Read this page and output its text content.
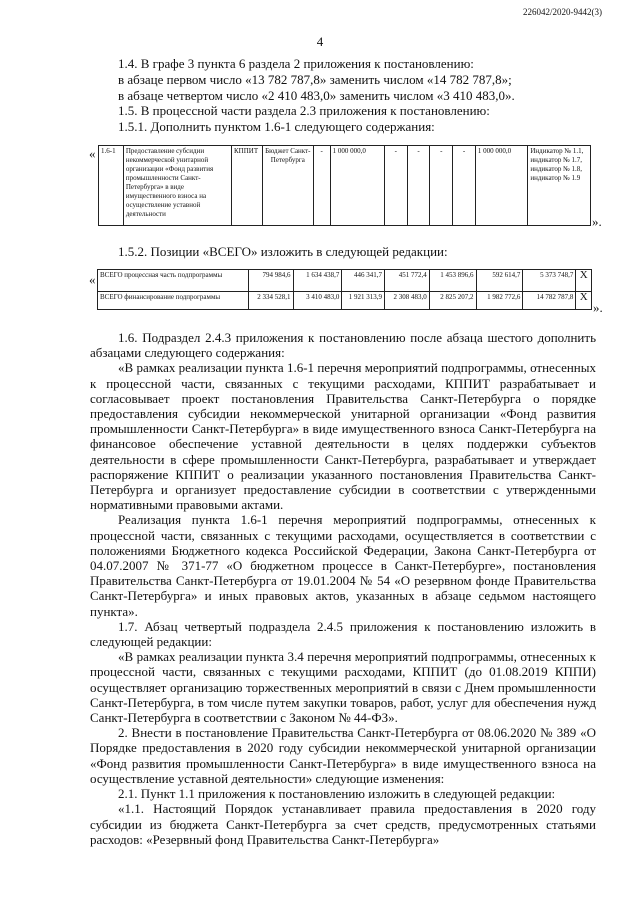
226042/2020-9442(3)
4
1.4. В графе 3 пункта 6 раздела 2 приложения к постановлению:
в абзаце первом число «13 782 787,8» заменить числом «14 782 787,8»;
в абзаце четвертом число «2 410 483,0» заменить числом «3 410 483,0».
1.5. В процессной части раздела 2.3 приложения к постановлению:
1.5.1. Дополнить пунктом 1.6-1 следующего содержания:
« 1.6-1	Предоставление субсидии некоммерческой унитарной организации «Фонд развития промышленности Санкт-Петербурга» в виде имущественного взноса на осуществление уставной деятельности	КППИТ	Бюджет Санкт-Петербурга	-	1 000 000,0	-	-	-	-	1 000 000,0	Индикатор № 1.1, индикатор № 1.7, индикатор № 1.8, индикатор № 1.9
».
1.5.2. Позиции «ВСЕГО» изложить в следующей редакции:
« ВСЕГО процессная часть подпрограммы	794 984,6	1 634 438,7	446 341,7	451 772,4	1 453 896,6	592 614,7	5 373 748,7	Х
ВСЕГО финансирование подпрограммы	2 334 528,1	3 410 483,0	1 921 313,9	2 308 483,0	2 825 207,2	1 982 772,6	14 782 787,8	Х
».

1.6. Подраздел 2.4.3 приложения к постановлению после абзаца шестого дополнить абзацами следующего содержания:

«В рамках реализации пункта 1.6-1 перечня мероприятий подпрограммы, отнесенных к процессной части, связанных с текущими расходами, КППИТ разрабатывает и согласовывает проект постановления Правительства Санкт-Петербурга о порядке предоставления субсидии некоммерческой унитарной организации «Фонд развития промышленности Санкт-Петербурга» в виде имущественного взноса Санкт-Петербурга на финансовое обеспечение уставной деятельности в целях поддержки субъектов деятельности в сфере промышленности Санкт-Петербурга, разрабатывает и утверждает распоряжение КППИТ о реализации указанного постановления Правительства Санкт-Петербурга и организует предоставление субсидии в соответствии с утвержденными нормативными правовыми актами.

Реализация пункта 1.6-1 перечня мероприятий подпрограммы, отнесенных к процессной части, связанных с текущими расходами, осуществляется в соответствии с положениями Бюджетного кодекса Российской Федерации, Закона Санкт-Петербурга от 04.07.2007 № 371-77 «О бюджетном процессе в Санкт-Петербурге», постановления Правительства Санкт-Петербурга от 19.01.2004 № 54 «О резервном фонде Правительства Санкт-Петербурга» и иных правовых актов, указанных в абзаце седьмом настоящего пункта».

1.7. Абзац четвертый подраздела 2.4.5 приложения к постановлению изложить в следующей редакции:

«В рамках реализации пункта 3.4 перечня мероприятий подпрограммы, отнесенных к процессной части, связанных с текущими расходами, КППИТ (до 01.08.2019 КППИ) осуществляет организацию торжественных мероприятий в связи с Днем промышленности Санкт-Петербурга, в том числе путем закупки товаров, работ, услуг для обеспечения нужд Санкт-Петербурга в соответствии с Законом № 44-ФЗ».

2. Внести в постановление Правительства Санкт-Петербурга от 08.06.2020 № 389 «О Порядке предоставления в 2020 году субсидии некоммерческой унитарной организации «Фонд развития промышленности Санкт-Петербурга» в виде имущественного взноса на осуществление уставной деятельности» следующие изменения:

2.1. Пункт 1.1 приложения к постановлению изложить в следующей редакции:

«1.1. Настоящий Порядок устанавливает правила предоставления в 2020 году субсидии из бюджета Санкт-Петербурга за счет средств, предусмотренных статьями расходов: «Резервный фонд Правительства Санкт-Петербурга»
